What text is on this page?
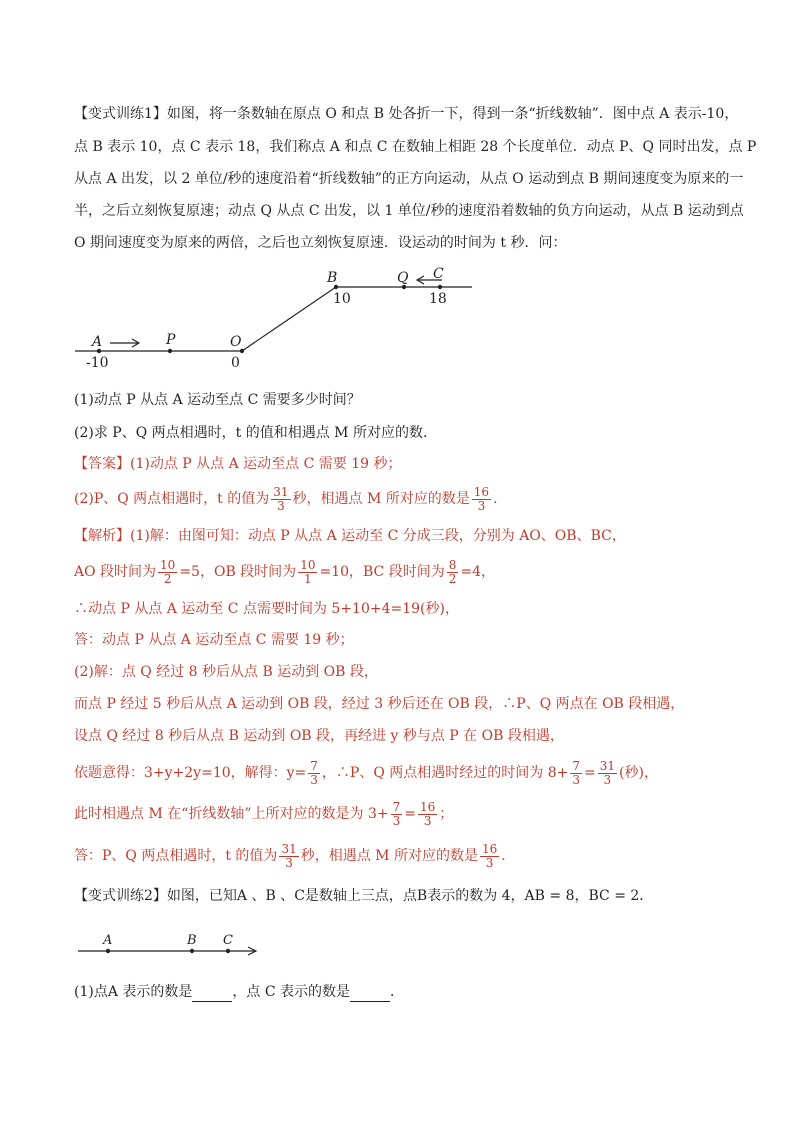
【变式训练1】如图，将一条数轴在原点 O 和点 B 处各折一下，得到一条“折线数轴”．图中点 A 表示-10，
点 B 表示 10，点 C 表示 18，我们称点 A 和点 C 在数轴上相距 28 个长度单位．动点 P、Q 同时出发，点 P
从点 A 出发，以 2 单位/秒的速度沿着“折线数轴”的正方向运动，从点 O 运动到点 B 期间速度变为原来的一
半，之后立刻恢复原速；动点 Q 从点 C 出发，以 1 单位/秒的速度沿着数轴的负方向运动，从点 B 运动到点
O 期间速度变为原来的两倍，之后也立刻恢复原速．设运动的时间为 t 秒．问：
A	P	O
B	Q C
-10	0
10	18
(1)动点 P 从点 A 运动至点 C 需要多少时间？
(2)求 P、Q 两点相遇时，t 的值和相遇点 M 所对应的数．
【答案】(1)动点 P 从点 A 运动至点 C 需要 19 秒；
(2)P、Q 两点相遇时，t 的值为 $\frac{31}{3}$ 秒，相遇点 M 所对应的数是 $\frac{16}{3}$ ．
【解析】(1)解：由图可知：动点 P 从点 A 运动至 C 分成三段，分别为 AO、OB、BC，
AO 段时间为 $\frac{10}{2} =5$，OB 段时间为 $\frac{10}{1} =10$，BC 段时间为 $\frac{8}{2} =4$，
∴动点 P 从点 A 运动至 C 点需要时间为 5+10+4=19(秒)，
答：动点 P 从点 A 运动至点 C 需要 19 秒；
(2)解：点 Q 经过 8 秒后从点 B 运动到 OB 段，
而点 P 经过 5 秒后从点 A 运动到 OB 段，经过 3 秒后还在 OB 段，∴P、Q 两点在 OB 段相遇，
设点 Q 经过 8 秒后从点 B 运动到 OB 段，再经进 y 秒与点 P 在 OB 段相遇，
依题意得：3+y+2y=10，解得：$y= \frac{7}{3}$ ，∴P、Q 两点相遇时经过的时间为 $8+ \frac{7}{3} = \frac{31}{3}$ (秒)，
此时相遇点 M 在“折线数轴”上所对应的数是为 $3+ \frac{7}{3} = \frac{16}{3}$ ；
答：P、Q 两点相遇时，t 的值为 $\frac{31}{3}$ 秒，相遇点 M 所对应的数是 $\frac{16}{3}$ ．
【变式训练2】如图，已知A 、B 、C是数轴上三点，点B表示的数为 4，AB = 8，BC = 2．
A	B C
(1)点A 表示的数是	，点 C 表示的数是	．
